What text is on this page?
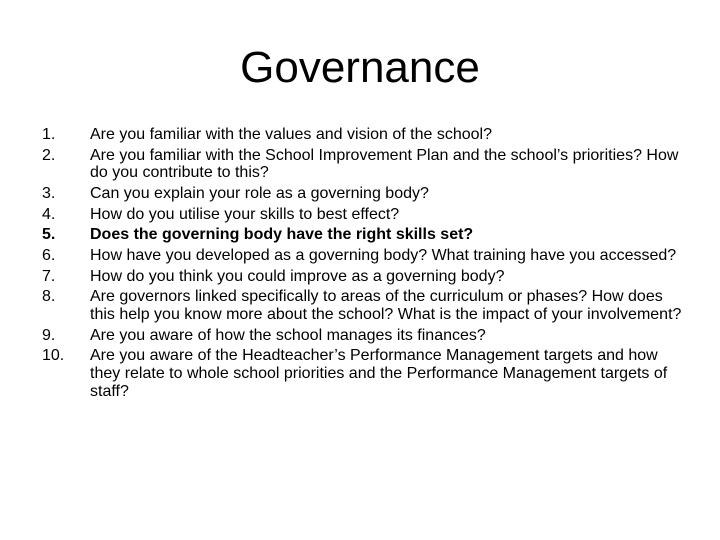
Governance
1.	Are you familiar with the values and vision of the school?
2.	Are you familiar with the School Improvement Plan and the school’s priorities? How do you contribute to this?
3.	Can you explain your role as a governing body?
4.	How do you utilise your skills to best effect?
5.	Does the governing body have the right skills set?
6.	How have you developed as a governing body? What training have you accessed?
7.	How do you think you could improve as a governing body?
8.	Are governors linked specifically to areas of the curriculum or phases? How does this help you know more about the school? What is the impact of your involvement?
9.	Are you aware of how the school manages its finances?
10.	Are you aware of the Headteacher’s Performance Management targets and how they relate to whole school priorities and the Performance Management targets of staff?
